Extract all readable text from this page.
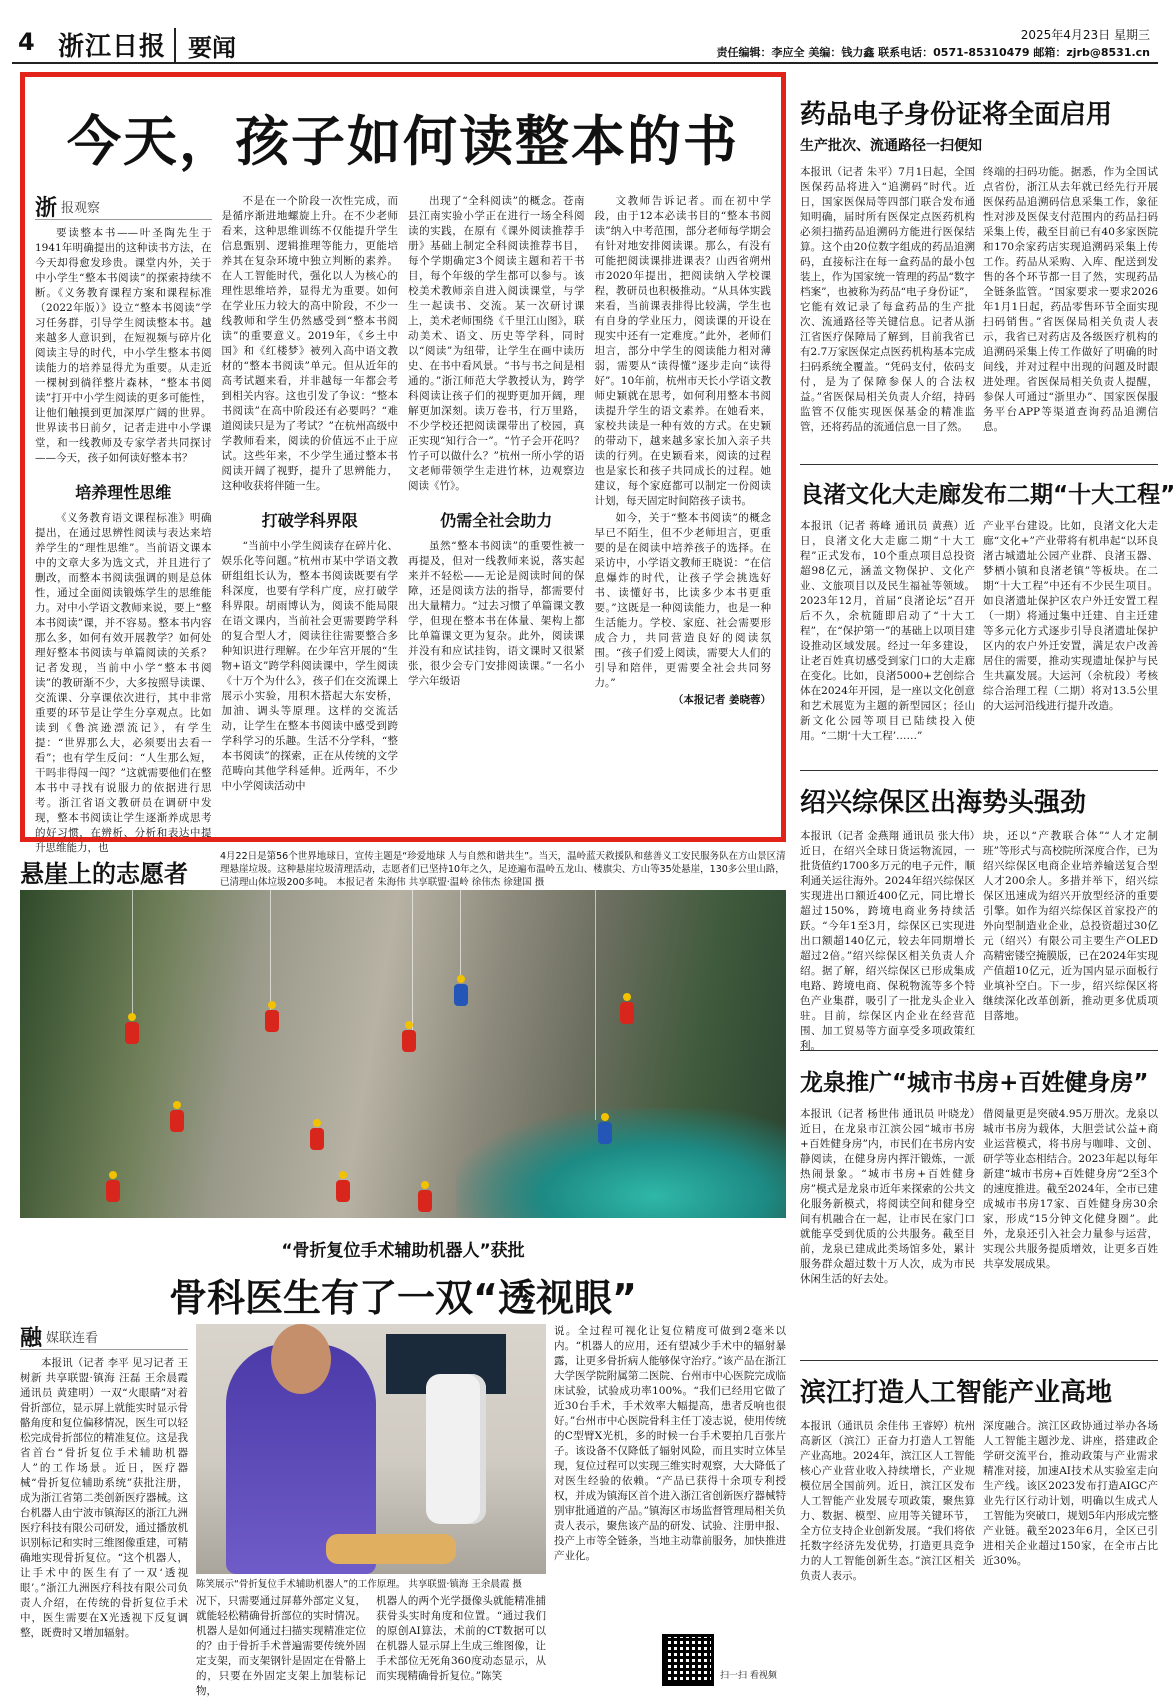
4 浙江日报 要闻	2025年4月23日 星期三
责任编辑：李应全 美编：钱力鑫 联系电话：0571-85310479 邮箱：zjrb@8531.cn
今天，孩子如何读整本的书
浙 报观察

要读整本书——叶圣陶先生于1941年明确提出的这种读书方法，在今天却得愈发珍贵。课堂内外，关于中小学生“整本书阅读”的探索持续不断。《义务教育课程方案和课程标准（2022年版）》设立“整本书阅读”学习任务群，引导学生阅读整本书。越来越多人意识到，在短视频与碎片化阅读主导的时代，中小学生整本书阅读能力的培养显得尤为重要。从走近一棵树到徜徉整片森林，“整本书阅读”打开中小学生阅读的更多可能性，让他们触摸到更加深厚广阔的世界。世界读书日前夕，记者走进中小学课堂，和一线教师及专家学者共同探讨——今天，孩子如何读好整本书？

培养理性思维

《义务教育语文课程标准》明确提出，在通过思辨性阅读与表达来培养学生的“理性思维”。当前语文课本中的文章大多为选文式，并且进行了删改，而整本书阅读强调的则是总体性，通过全面阅读锻炼学生的思维能力。对中小学语文教师来说，要上“整本书阅读”课，并不容易。整本书内容那么多，如何有效开展教学？如何处理好整本书阅读与单篇阅读的关系？记者发现，当前中小学“整本书阅读”的教研渐不少，大多按照导读课、交流课、分享课依次进行，其中非常重要的环节是让学生分享观点。比如读到《鲁滨逊漂流记》，有学生提：“世界那么大，必须要出去看一看”；也有学生反问：“人生那么短，干吗非得闯一闯？”这就需要他们在整本书中寻找有说服力的依据进行思考。浙江省语文教研员在调研中发现，整本书阅读让学生逐渐养成思考的好习惯，在辨析、分析和表达中提升思维能力，也

不是在一个阶段一次性完成，而是循序渐进地螺旋上升。在不少老师看来，这种思维训练不仅能提升学生信息甄别、逻辑推理等能力，更能培养其在复杂环境中独立判断的素养。在人工智能时代，强化以人为核心的理性思维培养，显得尤为重要。如何在学业压力较大的高中阶段，不少一线教师和学生仍然感受到“整本书阅读”的重要意义。2019年，《乡土中国》和《红楼梦》被列入高中语文教材的“整本书阅读”单元。但从近年的高考试题来看，并非越每一年都会考到相关内容。这也引发了争议：“整本书阅读”在高中阶段还有必要吗？“难道阅读只是为了考试？”在杭州高级中学教师看来，阅读的价值远不止于应试。这些年来，不少学生通过整本书阅读开阔了视野，提升了思辨能力，这种收获将伴随一生。

打破学科界限

“当前中小学生阅读存在碎片化、娱乐化等问题。”杭州市某中学语文教研组组长认为，整本书阅读既要有学科深度，也要有学科广度，应打破学科界限。胡雨博认为，阅读不能局限在语文课内，当前社会更需要跨学科的复合型人才，阅读往往需要整合多种知识进行理解。在少年宫开展的“生物+语文”跨学科阅读课中，学生阅读《十万个为什么》，孩子们在交流课上展示小实验，用积木搭起大东安桥，加油、调头等原理。这样的交流活动，让学生在整本书阅读中感受到跨学科学习的乐趣。生活不分学科，“整本书阅读”的探索，正在从传统的文学范畴向其他学科延伸。近两年，不少中小学阅读活动中

出现了“全科阅读”的概念。苍南县江南实验小学正在进行一场全科阅读的实践，在原有《课外阅读推荐手册》基础上制定全科阅读推荐书目，每个学期确定3个阅读主题和若干书目，每个年级的学生都可以参与。该校美术教师亲自进入阅读课堂，与学生一起读书、交流。某一次研讨课上，美术老师围绕《千里江山图》，联动美术、语文、历史等学科，同时以“阅读”为纽带，让学生在画中读历史、在书中看风景。“书与书之间是相通的。”浙江师范大学教授认为，跨学科阅读让孩子们的视野更加开阔，理解更加深刻。读万卷书，行万里路，不少学校还把阅读课带出了校园，真正实现“知行合一”。“竹子会开花吗？竹子可以做什么？”杭州一所小学的语文老师带领学生走进竹林，边观察边阅读《竹》。

仍需全社会助力

虽然“整本书阅读”的重要性被一再提及，但对一线教师来说，落实起来并不轻松——无论是阅读时间的保障，还是阅读方法的指导，都需要付出大量精力。“过去习惯了单篇课文教学，但现在整本书在体量、架构上都比单篇课文更为复杂。此外，阅读课并没有和应试挂钩，语文课时又很紧张，很少会专门安排阅读课。”一名小学六年级语

文教师告诉记者。而在初中学段，由于12本必读书目的“整本书阅读”纳入中考范围，部分老师每学期会有针对地安排阅读课。那么，有没有可能把阅读课排进课表？山西省朔州市2020年提出，把阅读纳入学校课程，教研员也积极推动。“从具体实践来看，当前课表排得比较满，学生也有自身的学业压力，阅读课的开设在现实中还有一定难度。”此外，老师们坦言，部分中学生的阅读能力相对薄弱，需要从“读得懂”逐步走向“读得好”。10年前，杭州市天长小学语文教师史颖就在思考，如何利用整本书阅读提升学生的语文素养。在她看来，家校共读是一种有效的方式。在史颖的带动下，越来越多家长加入亲子共读的行列。在史颖看来，阅读的过程也是家长和孩子共同成长的过程。她建议，每个家庭都可以制定一份阅读计划，每天固定时间陪孩子读书。

如今，关于“整本书阅读”的概念早已不陌生，但不少老师坦言，更重要的是在阅读中培养孩子的选择。在采访中，小学语文教师王晓说：“在信息爆炸的时代，让孩子学会挑选好书、读懂好书，比读多少本书更重要。”这既是一种阅读能力，也是一种生活能力。学校、家庭、社会需要形成合力，共同营造良好的阅读氛围。“孩子们爱上阅读，需要大人们的引导和陪伴，更需要全社会共同努力。”

（本报记者 姜晓蓉）
药品电子身份证将全面启用
生产批次、流通路径一扫便知
本报讯（记者 朱平）7月1日起，全国医保药品将进入“追溯码”时代。近日，国家医保局等四部门联合发布通知明确，届时所有医保定点医药机构必须扫描药品追溯码方能进行医保结算。这个由20位数字组成的药品追溯码，直接标注在每一盒药品的最小包装上，作为国家统一管理的药品“数字档案”，也被称为药品“电子身份证”，它能有效记录了每盒药品的生产批次、流通路径等关键信息。记者从浙江省医疗保障局了解到，目前我省已有2.7万家医保定点医药机构基本完成扫码系统全覆盖。“凭码支付，依码支付，是为了保障参保人的合法权益。”省医保局相关负责人介绍，持码监管不仅能实现医保基金的精准监管，还将药品的流通信息一目了然。
终端的扫码功能。据悉，作为全国试点省份，浙江从去年就已经先行开展医保药品追溯码信息采集工作，象征性对涉及医保支付范围内的药品扫码采集上传，截至目前已有40多家医院和170余家药店实现追溯码采集上传工作。药品从采购、入库、配送到发售的各个环节都一目了然，实现药品全链条监管。“国家要求一要求2026年1月1日起，药品零售环节全面实现扫码销售。”省医保局相关负责人表示，我省已对药店及各级医疗机构的追溯码采集上传工作做好了明确的时间线，并对过程中出现的问题及时跟进处理。省医保局相关负责人提醒，参保人可通过“浙里办”、国家医保服务平台APP等渠道查询药品追溯信息。
良渚文化大走廊发布二期“十大工程”
本报讯（记者 蒋峰 通讯员 黄燕）近日，良渚文化大走廊二期“十大工程”正式发布，10个重点项目总投资超98亿元，涵盖文物保护、文化产业、文旅项目以及民生福祉等领域。2023年12月，首届“良渚论坛”召开后不久，余杭随即启动了“十大工程”，在“保护第一”的基础上以项目建设推动区域发展。经过一年多建设，让老百姓真切感受到家门口的大走廊在变化。比如，良渚5000+艺创综合体在2024年开园，是一座以文化创意和艺术展览为主题的新型园区；径山新文化公园等项目已陆续投入使用。“二期‘十大工程’……”
产业平台建设。比如，良渚文化大走廊“文化+”产业带将有机串起“以环良渚古城遗址公园产业群、良渚玉器、梦栖小镇和良渚老镇”等板块。在二期“十大工程”中还有不少民生项目。如良渚遗址保护区农户外迁安置工程（一期）将通过集中迁建、自主迁建等多元化方式逐步引导良渚遗址保护区内的农户外迁安置，满足农户改善居住的需要，推动实现遗址保护与民生共赢发展。大运河（余杭段）考核综合治理工程（二期）将对13.5公里的大运河沿线进行提升改造。
绍兴综保区出海势头强劲
本报讯（记者 金燕翔 通讯员 张大伟）近日，在绍兴全球日货运物流园，一批货值约1700多万元的电子元件，顺利通关运往海外。2024年绍兴综保区实现进出口额近400亿元，同比增长超过150%，跨境电商业务持续活跃。“今年1至3月，综保区已实现进出口额超140亿元，较去年同期增长超过2倍。”绍兴综保区相关负责人介绍。据了解，绍兴综保区已形成集成电路、跨境电商、保税物流等多个特色产业集群，吸引了一批龙头企业入驻。目前，综保区内企业在经营范围、加工贸易等方面享受多项政策红利。
块，还以“产教联合体”“人才定制班”等形式与高校院所深度合作，已为绍兴综保区电商企业培养输送复合型人才200余人。多措并举下，绍兴综保区迅速成为绍兴开放型经济的重要引擎。如作为绍兴综保区首家投产的外向型制造业企业，总投资超过30亿元（绍兴）有限公司主要生产OLED高精密镂空掩膜版，已在2024年实现产值超10亿元，近为国内显示面板行业填补空白。下一步，绍兴综保区将继续深化改革创新，推动更多优质项目落地。
龙泉推广“城市书房+百姓健身房”
本报讯（记者 杨世伟 通讯员 叶晓龙）近日，在龙泉市江滨公园“城市书房+百姓健身房”内，市民们在书房内安静阅读，在健身房内挥汗锻炼，一派热闹景象。“城市书房+百姓健身房”模式是龙泉市近年来探索的公共文化服务新模式，将阅读空间和健身空间有机融合在一起，让市民在家门口就能享受到优质的公共服务。截至目前，龙泉已建成此类场馆多处，累计服务群众超过数十万人次，成为市民休闲生活的好去处。
借阅量更是突破4.95万册次。龙泉以城市书房为载体，大胆尝试公益+商业运营模式，将书房与咖啡、文创、研学等业态相结合。2023年起以每年新建“城市书房+百姓健身房”2至3个的速度推进。截至2024年，全市已建成城市书房17家、百姓健身房30余家，形成“15分钟文化健身圈”。此外，龙泉还引入社会力量参与运营，实现公共服务提质增效，让更多百姓共享发展成果。
滨江打造人工智能产业高地
本报讯（通讯员 余佳伟 王睿婷）杭州高新区（滨江）正奋力打造人工智能产业高地。2024年，滨江区人工智能核心产业营业收入持续增长，产业规模位居全国前列。近日，滨江区发布人工智能产业发展专项政策，聚焦算力、数据、模型、应用等关键环节，全方位支持企业创新发展。“我们将依托数字经济先发优势，打造更具竞争力的人工智能创新生态。”滨江区相关负责人表示。
深度融合。滨江区政协通过举办各场人工智能主题沙龙、讲座，搭建政企学研交流平台，推动政策与产业需求精准对接，加速AI技术从实验室走向生产线。该区2023发布打造AIGC产业先行区行动计划，明确以生成式人工智能为突破口，规划5年内形成完整产业链。截至2023年6月，全区已引进相关企业超过150家，在全市占比近30%。
悬崖上的志愿者

4月22日是第56个世界地球日，宣传主题是“珍爱地球 人与自然和谐共生”。当天，温岭蓝天救援队和慈善义工安民服务队在方山景区清理悬崖垃圾。这种悬崖垃圾清理活动，志愿者们已坚持10年之久，足迹遍布温岭五龙山、楼旗尖、方山等35处悬崖，130多公里山路，已清理山体垃圾200多吨。 本报记者 朱海伟 共享联盟·温岭 徐伟杰 徐建国 摄

“骨折复位手术辅助机器人”获批
骨科医生有了一双“透视眼”
融 媒联连看

本报讯（记者 李平 见习记者 王树新 共享联盟·镇海 汪磊 王余晨霞 通讯员 黄建明）一双“火眼睛”对着骨折部位，显示屏上就能实时显示骨骼角度和复位偏移情况，医生可以轻松完成骨折部位的精准复位。这是我省首台“骨折复位手术辅助机器人”的工作场景。近日，医疗器械“骨折复位辅助系统”获批注册，成为浙江省第二类创新医疗器械。这台机器人由宁波市镇海区的浙江九洲医疗科技有限公司研发，通过播放机识别标记和实时三维图像重建，可精确地实现骨折复位。“这个机器人，让手术中的医生有了一双‘透视眼’。”浙江九洲医疗科技有限公司负责人介绍，在传统的骨折复位手术中，医生需要在X光透视下反复调整，既费时又增加辐射。

陈笑展示“骨折复位手术辅助机器人”的工作原理。 共享联盟·镇海 王余晨霞 摄
况下，只需要通过屏幕外部定义复，就能轻松精确骨折部位的实时情况。机器人是如何通过扫描实现精准定位的？由于骨折手术普遍需要传统外固定支架，而支架钢针是固定在骨骼上的，只要在外固定支架上加装标记物，
机器人的两个光学摄像头就能精准捕获骨头实时角度和位置。“通过我们的原创AI算法，术前的CT数据可以在机器人显示屏上生成三维图像，让手术部位无死角360度动态显示，从而实现精确骨折复位。”陈笑
说。全过程可视化让复位精度可做到2毫米以内。“机器人的应用，还有望减少手术中的辐射暴露，让更多骨折病人能够保守治疗。”该产品在浙江大学医学院附属第二医院、台州市中心医院完成临床试验，试验成功率100%。“我们已经用它做了近30台手术，手术效率大幅提高，患者反响也很好。”台州市中心医院骨科主任丁凌志说，使用传统的C型臂X光机，多的时候一台手术要拍几百张片子。该设备不仅降低了辐射风险，而且实时立体呈现，复位过程可以实现三维实时观察，大大降低了对医生经验的依赖。“产品已获得十余项专利授权，并成为镇海区首个进入浙江省创新医疗器械特别审批通道的产品。”镇海区市场监督管理局相关负责人表示，聚焦该产品的研发、试验、注册申报、投产上市等全链条，当地主动靠前服务，加快推进产业化。
扫一扫 看视频
